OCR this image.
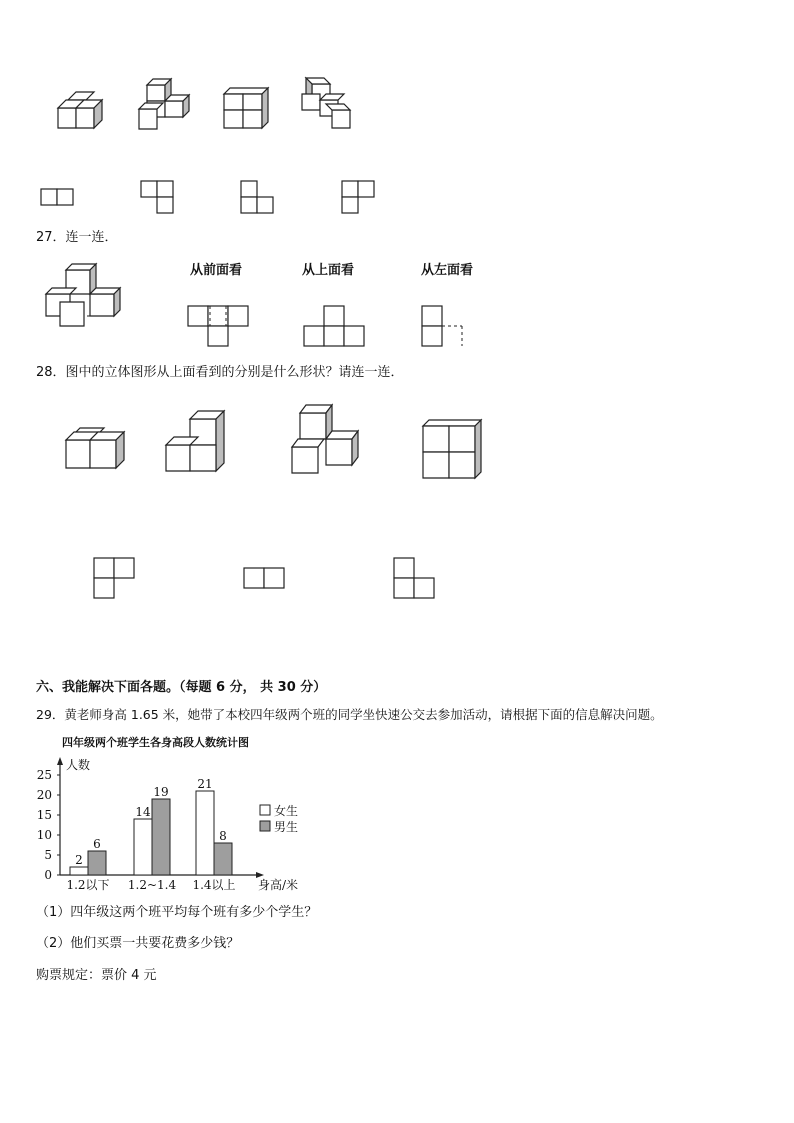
27．连一连．
从前面看	从上面看	从左面看
28．图中的立体图形从上面看到的分别是什么形状？请连一连．
六、我能解决下面各题。（每题 6 分， 共 30 分）
29．黄老师身高 1.65 米，她带了本校四年级两个班的同学坐快速公交去参加活动，请根据下面的信息解决问题。
四年级两个班学生各身高段人数统计图
0
5
10
15
20
25
人数
身高/米
2
6
1.2以下
14
19
1.2~1.4
21
8
1.4以上
女生
男生
（1）四年级这两个班平均每个班有多少个学生？
（2）他们买票一共要花费多少钱？
购票规定：票价 4 元
